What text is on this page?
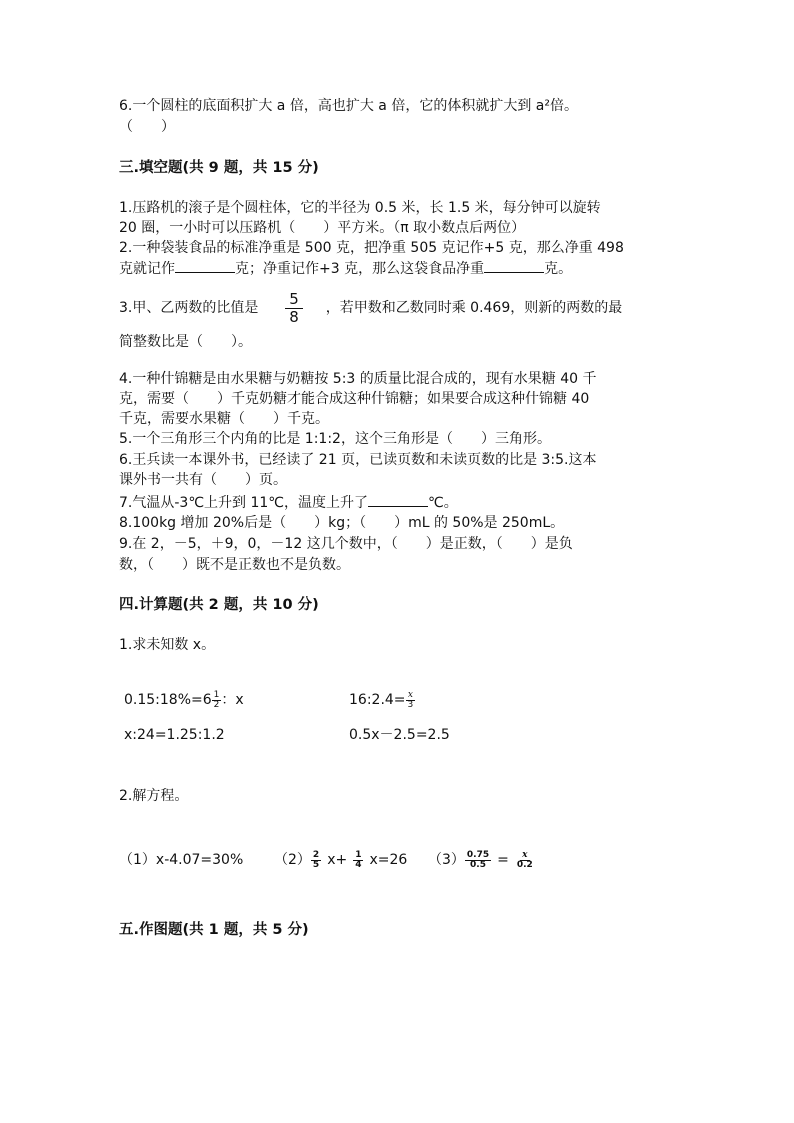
6.一个圆柱的底面积扩大 a 倍，高也扩大 a 倍，它的体积就扩大到 a²倍。
（　　）
三.填空题(共 9 题，共 15 分)
1.压路机的滚子是个圆柱体，它的半径为 0.5 米，长 1.5 米，每分钟可以旋转
20 圈，一小时可以压路机（　　）平方米。（π 取小数点后两位）
2.一种袋装食品的标准净重是 500 克，把净重 505 克记作+5 克，那么净重 498
克就记作	克；净重记作+3 克，那么这袋食品净重	克。
3.甲、乙两数的比值是 $\frac{5}{8}$ ，若甲数和乙数同时乘 0.469，则新的两数的最
简整数比是（　　）。
4.一种什锦糖是由水果糖与奶糖按 5:3 的质量比混合成的，现有水果糖 40 千
克，需要（　　）千克奶糖才能合成这种什锦糖；如果要合成这种什锦糖 40
千克，需要水果糖（　　）千克。
5.一个三角形三个内角的比是 1:1:2，这个三角形是（　　）三角形。
6.王兵读一本课外书，已经读了 21 页，已读页数和未读页数的比是 3:5.这本
课外书一共有（　　）页。
7.气温从-3℃上升到 11℃，温度上升了	℃。
8.100kg 增加 20%后是（　　）kg；（　　）mL 的 50%是 250mL。
9.在 2，－5，＋9，0，－12 这几个数中，（　　）是正数，（　　）是负
数，（　　）既不是正数也不是负数。
四.计算题(共 2 题，共 10 分)
1.求未知数 x。
0.15:18%=6 $\frac{1}{2}$ ：x	16:2.4= $\frac{x}{3}$
x:24=1.25:1.2	0.5x－2.5=2.5
2.解方程。
（1）x-4.07=30% $(2) \frac{2}{5} x+ \frac{1}{4} x=26$ $(3) \frac{0.75}{0.5} = \frac{x}{0.2}$
五.作图题(共 1 题，共 5 分)
